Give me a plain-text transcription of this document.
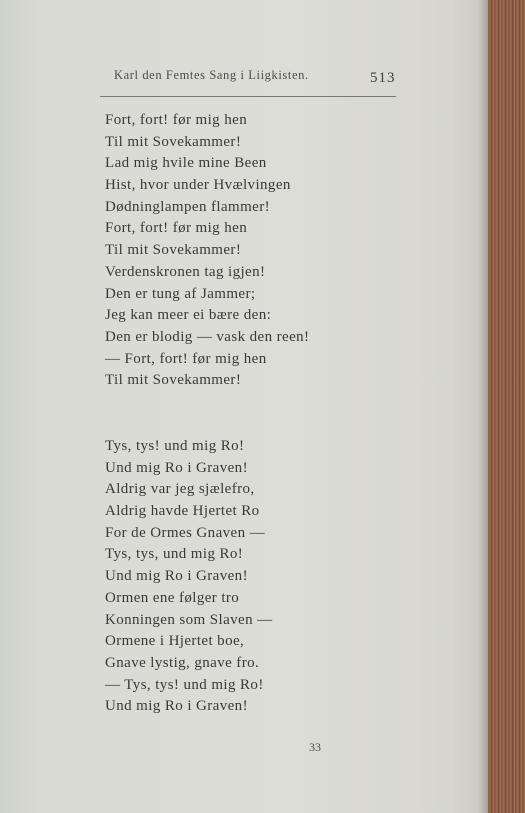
Karl den Femtes Sang i Liigkisten.	513
Fort, fort! før mig hen
Til mit Sovekammer!
Lad mig hvile mine Been
Hist, hvor under Hvælvingen
Dødninglampen flammer!
Fort, fort! før mig hen
Til mit Sovekammer!
Verdenskronen tag igjen!
Den er tung af Jammer;
Jeg kan meer ei bære den:
Den er blodig — vask den reen!
— Fort, fort! før mig hen
Til mit Sovekammer!
Tys, tys! und mig Ro!
Und mig Ro i Graven!
Aldrig var jeg sjælefro,
Aldrig havde Hjertet Ro
For de Ormes Gnaven —
Tys, tys, und mig Ro!
Und mig Ro i Graven!
Ormen ene følger tro
Konningen som Slaven —
Ormene i Hjertet boe,
Gnave lystig, gnave fro.
— Tys, tys! und mig Ro!
Und mig Ro i Graven!
33
